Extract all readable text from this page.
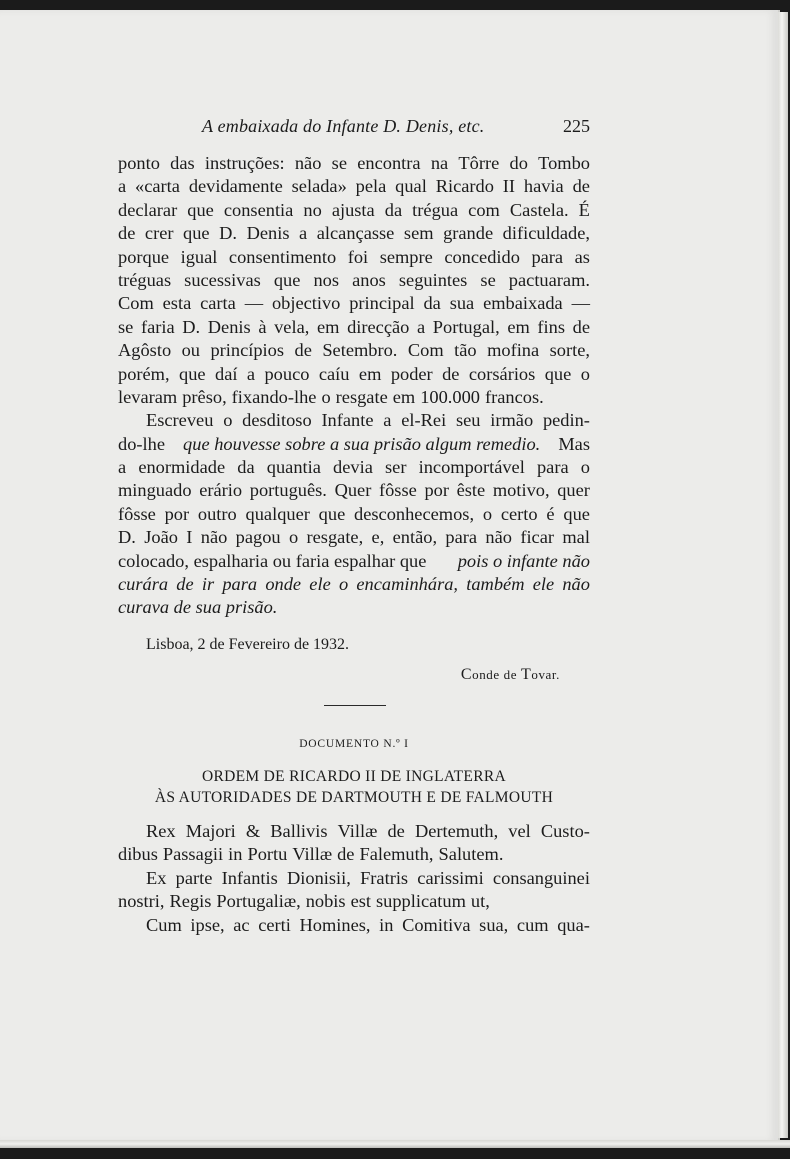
A embaixada do Infante D. Denis, etc.	225
ponto das instruções: não se encontra na Tôrre do Tombo
a «carta devidamente selada» pela qual Ricardo II havia de
declarar que consentia no ajusta da trégua com Castela. É
de crer que D. Denis a alcançasse sem grande dificuldade,
porque igual consentimento foi sempre concedido para as
tréguas sucessivas que nos anos seguintes se pactuaram.
Com esta carta — objectivo principal da sua embaixada —
se faria D. Denis à vela, em direcção a Portugal, em fins de
Agôsto ou princípios de Setembro. Com tão mofina sorte,
porém, que daí a pouco caíu em poder de corsários que o
levaram prêso, fixando-lhe o resgate em 100.000 francos.
Escreveu o desditoso Infante a el-Rei seu irmão pedin-
do-lhe que houvesse sobre a sua prisão algum remedio. Mas
a enormidade da quantia devia ser incomportável para o
minguado erário português. Quer fôsse por êste motivo, quer
fôsse por outro qualquer que desconhecemos, o certo é que
D. João I não pagou o resgate, e, então, para não ficar mal
colocado, espalharia ou faria espalhar que pois o infante não
curára de ir para onde ele o encaminhára, também ele não
curava de sua prisão.
Lisboa, 2 de Fevereiro de 1932.
Conde de Tovar.
DOCUMENTO N.º I
ORDEM DE RICARDO II DE INGLATERRA
ÀS AUTORIDADES DE DARTMOUTH E DE FALMOUTH
Rex Majori & Ballivis Villæ de Dertemuth, vel Custo-
dibus Passagii in Portu Villæ de Falemuth, Salutem.
Ex parte Infantis Dionisii, Fratris carissimi consanguinei
nostri, Regis Portugaliæ, nobis est supplicatum ut,
Cum ipse, ac certi Homines, in Comitiva sua, cum qua-
